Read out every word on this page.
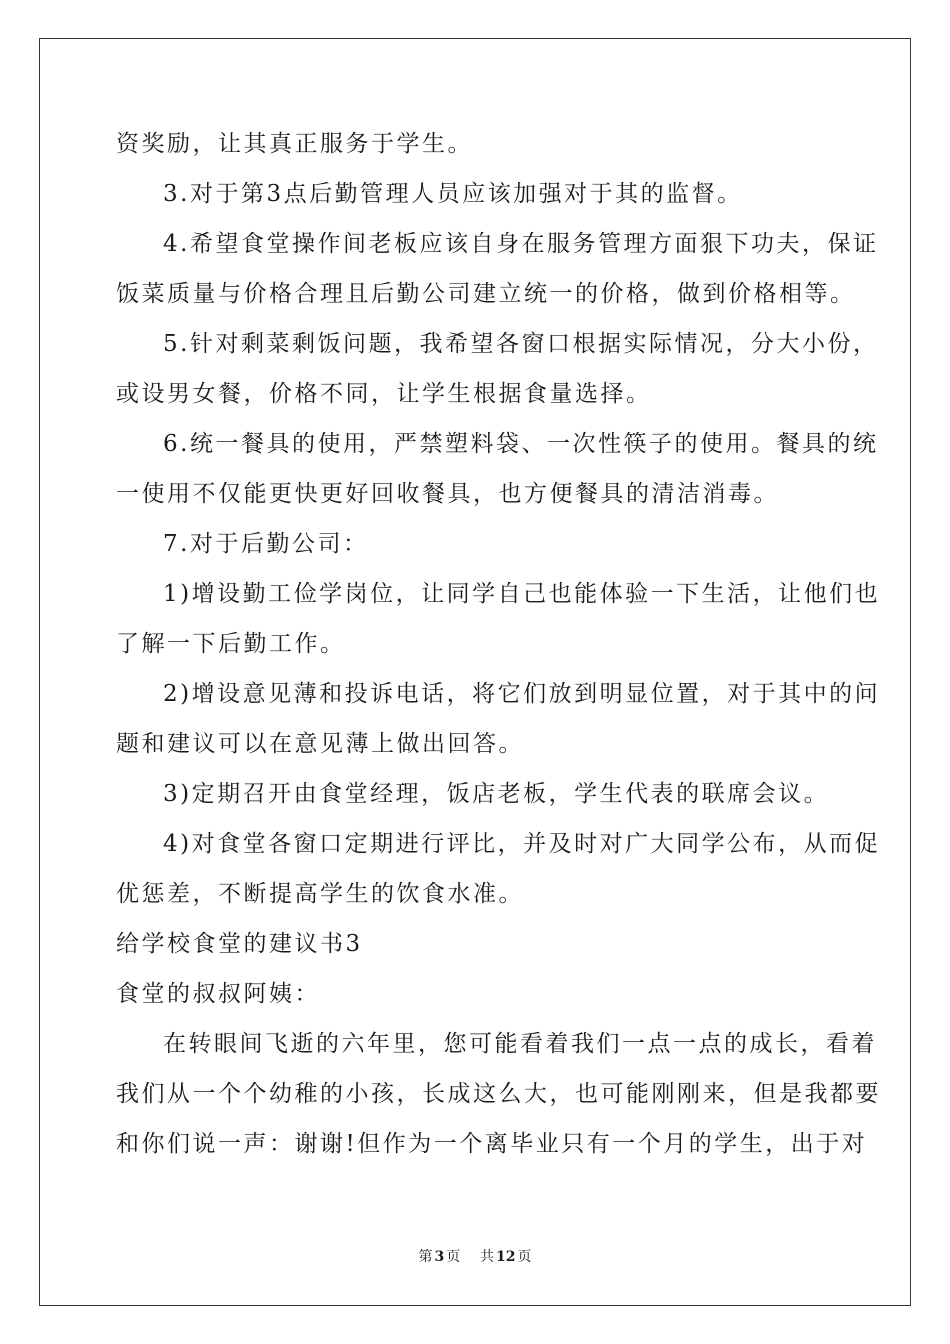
资奖励，让其真正服务于学生。
3.对于第3点后勤管理人员应该加强对于其的监督。
4.希望食堂操作间老板应该自身在服务管理方面狠下功夫，保证
饭菜质量与价格合理且后勤公司建立统一的价格，做到价格相等。
5.针对剩菜剩饭问题，我希望各窗口根据实际情况，分大小份，
或设男女餐，价格不同，让学生根据食量选择。
6.统一餐具的使用，严禁塑料袋、一次性筷子的使用。餐具的统
一使用不仅能更快更好回收餐具，也方便餐具的清洁消毒。
7.对于后勤公司：
1)增设勤工俭学岗位，让同学自己也能体验一下生活，让他们也
了解一下后勤工作。
2)增设意见薄和投诉电话，将它们放到明显位置，对于其中的问
题和建议可以在意见薄上做出回答。
3)定期召开由食堂经理，饭店老板，学生代表的联席会议。
4)对食堂各窗口定期进行评比，并及时对广大同学公布，从而促
优惩差，不断提高学生的饮食水准。
给学校食堂的建议书3
食堂的叔叔阿姨：
在转眼间飞逝的六年里，您可能看着我们一点一点的成长，看着
我们从一个个幼稚的小孩，长成这么大，也可能刚刚来，但是我都要
和你们说一声：谢谢!但作为一个离毕业只有一个月的学生，出于对
第 3 页 共 12 页
